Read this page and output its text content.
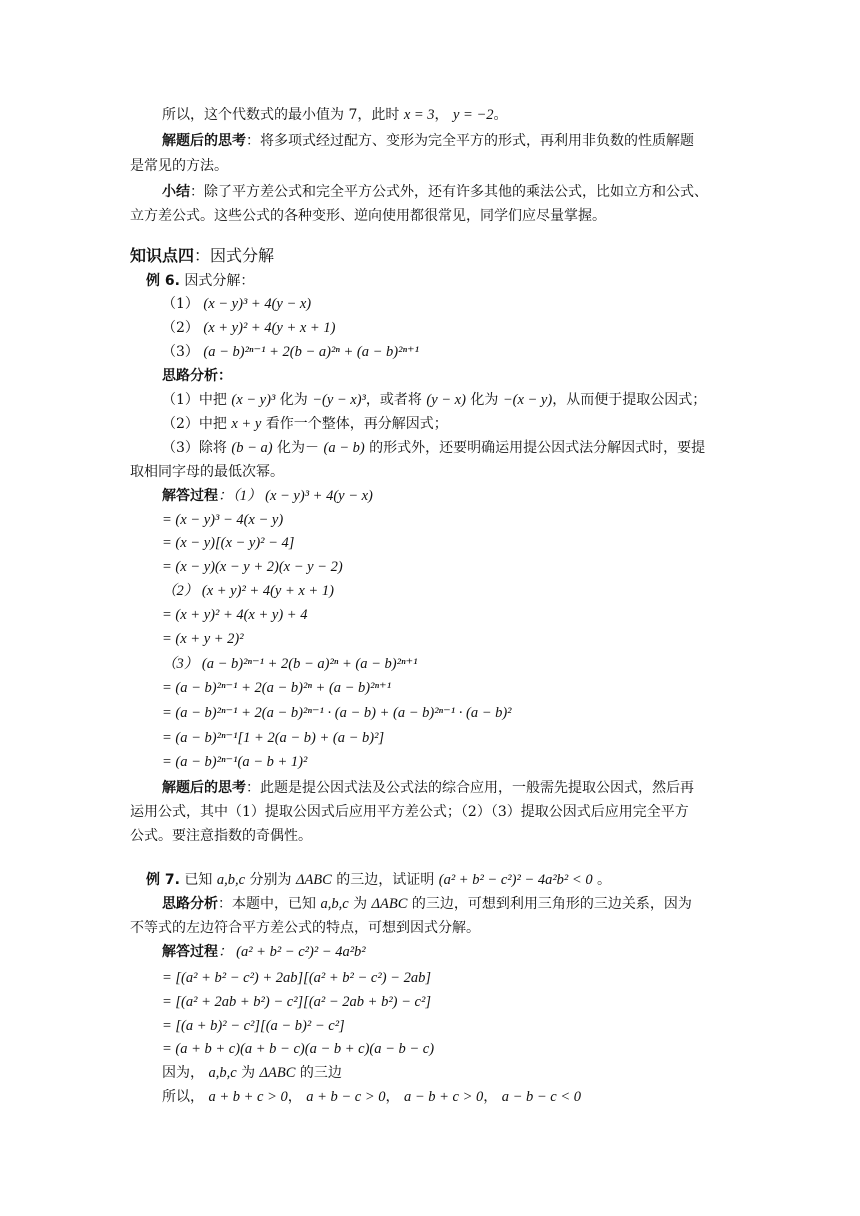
所以，这个代数式的最小值为 7，此时 x = 3， y = −2。
解题后的思考：将多项式经过配方、变形为完全平方的形式，再利用非负数的性质解题
是常见的方法。
小结：除了平方差公式和完全平方公式外，还有许多其他的乘法公式，比如立方和公式、
立方差公式。这些公式的各种变形、逆向使用都很常见，同学们应尽量掌握。
知识点四：因式分解
例 6. 因式分解：
（1） (x − y)³ + 4(y − x)
（2） (x + y)² + 4(y + x + 1)
（3） (a − b)²ⁿ⁻¹ + 2(b − a)²ⁿ + (a − b)²ⁿ⁺¹
思路分析：
（1）中把 (x − y)³ 化为 −(y − x)³，或者将 (y − x) 化为 −(x − y)，从而便于提取公因式；
（2）中把 x + y 看作一个整体，再分解因式；
（3）除将 (b − a) 化为－ (a − b) 的形式外，还要明确运用提公因式法分解因式时，要提
取相同字母的最低次幂。
解答过程：（1） (x − y)³ + 4(y − x)
= (x − y)³ − 4(x − y)
= (x − y)[(x − y)² − 4]
= (x − y)(x − y + 2)(x − y − 2)
（2） (x + y)² + 4(y + x + 1)
= (x + y)² + 4(x + y) + 4
= (x + y + 2)²
（3） (a − b)²ⁿ⁻¹ + 2(b − a)²ⁿ + (a − b)²ⁿ⁺¹
= (a − b)²ⁿ⁻¹ + 2(a − b)²ⁿ + (a − b)²ⁿ⁺¹
= (a − b)²ⁿ⁻¹ + 2(a − b)²ⁿ⁻¹ · (a − b) + (a − b)²ⁿ⁻¹ · (a − b)²
= (a − b)²ⁿ⁻¹[1 + 2(a − b) + (a − b)²]
= (a − b)²ⁿ⁻¹(a − b + 1)²
解题后的思考：此题是提公因式法及公式法的综合应用，一般需先提取公因式，然后再
运用公式，其中（1）提取公因式后应用平方差公式；（2）（3）提取公因式后应用完全平方
公式。要注意指数的奇偶性。
例 7. 已知 a,b,c 分别为 ΔABC 的三边，试证明 (a² + b² − c²)² − 4a²b² < 0 。
思路分析：本题中，已知 a,b,c 为 ΔABC 的三边，可想到利用三角形的三边关系，因为
不等式的左边符合平方差公式的特点，可想到因式分解。
解答过程： (a² + b² − c²)² − 4a²b²
= [(a² + b² − c²) + 2ab][(a² + b² − c²) − 2ab]
= [(a² + 2ab + b²) − c²][(a² − 2ab + b²) − c²]
= [(a + b)² − c²][(a − b)² − c²]
= (a + b + c)(a + b − c)(a − b + c)(a − b − c)
因为， a,b,c 为 ΔABC 的三边
所以， a + b + c > 0， a + b − c > 0， a − b + c > 0， a − b − c < 0
